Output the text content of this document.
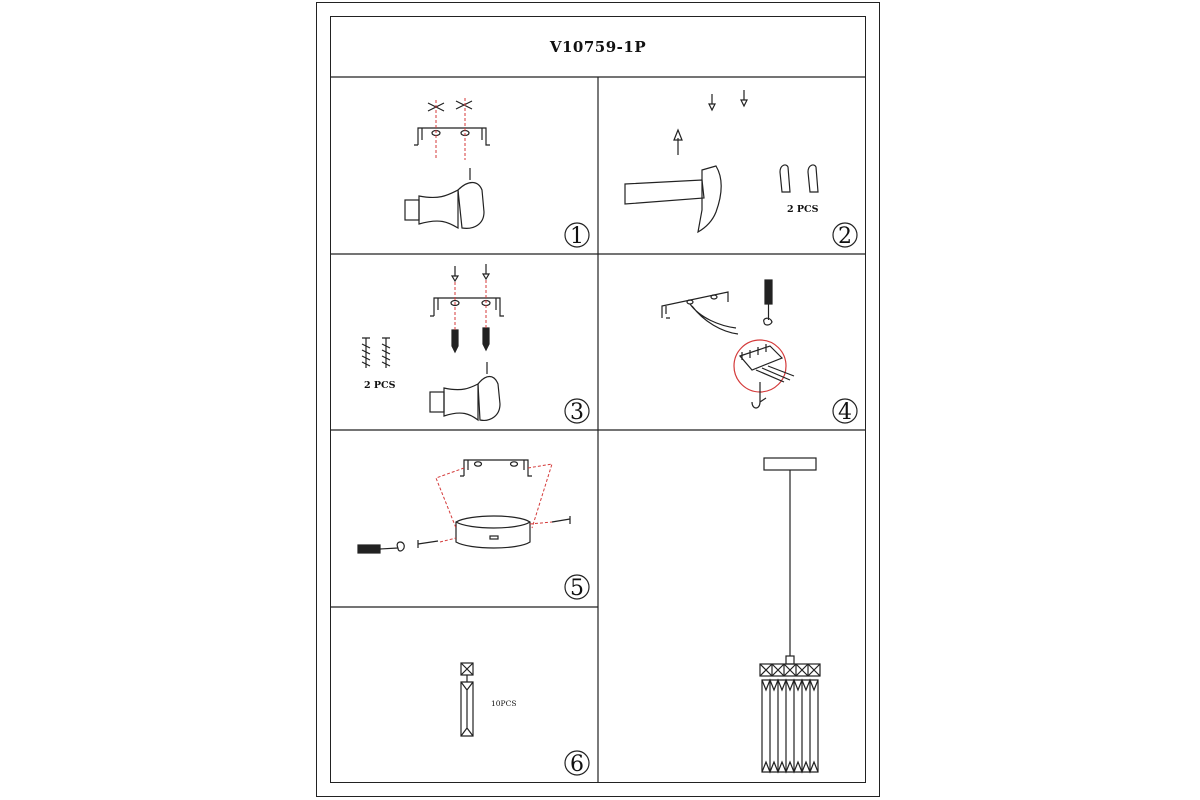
V10759-1P
2 PCS
2 PCS
10PCS
1	2
3	4
5
6
